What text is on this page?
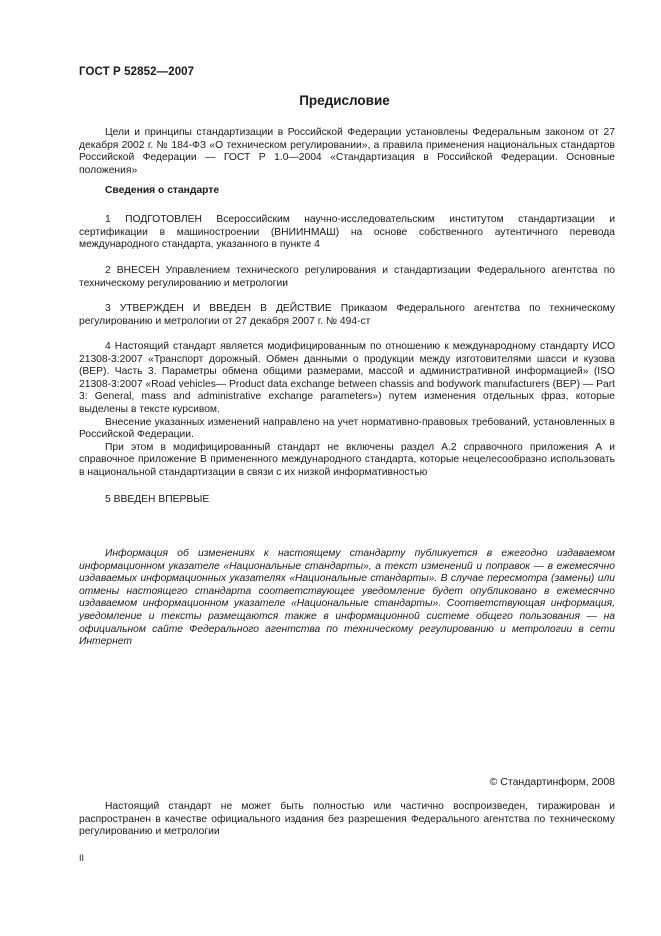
ГОСТ Р 52852—2007
Предисловие

Цели и принципы стандартизации в Российской Федерации установлены Федеральным законом от 27 декабря 2002 г. № 184-ФЗ «О техническом регулировании», а правила применения национальных стандартов Российской Федерации — ГОСТ Р 1.0—2004 «Стандартизация в Российской Федерации. Основные положения»

Сведения о стандарте

1 ПОДГОТОВЛЕН Всероссийским научно-исследовательским институтом стандартизации и сертификации в машиностроении (ВНИИНМАШ) на основе собственного аутентичного перевода международного стандарта, указанного в пункте 4

2 ВНЕСЕН Управлением технического регулирования и стандартизации Федерального агентства по техническому регулированию и метрологии

3 УТВЕРЖДЕН И ВВЕДЕН В ДЕЙСТВИЕ Приказом Федерального агентства по техническому регулированию и метрологии от 27 декабря 2007 г. № 494-ст

4 Настоящий стандарт является модифицированным по отношению к международному стандарту ИСО 21308-3:2007 «Транспорт дорожный. Обмен данными о продукции между изготовителями шасси и кузова (BEP). Часть 3. Параметры обмена общими размерами, массой и административной информацией» (ISO 21308-3:2007 «Road vehicles— Product data exchange between chassis and bodywork manufacturers (BEP) — Part 3: General, mass and administrative exchange parameters») путем изменения отдельных фраз, которые выделены в тексте курсивом.

Внесение указанных изменений направлено на учет нормативно-правовых требований, установленных в Российской Федерации.

При этом в модифицированный стандарт не включены раздел А.2 справочного приложения А и справочное приложение В примененного международного стандарта, которые нецелесообразно использовать в национальной стандартизации в связи с их низкой информативностью

5 ВВЕДЕН ВПЕРВЫЕ

Информация об изменениях к настоящему стандарту публикуется в ежегодно издаваемом информационном указателе «Национальные стандарты», а текст изменений и поправок — в ежемесячно издаваемых информационных указателях «Национальные стандарты». В случае пересмотра (замены) или отмены настоящего стандарта соответствующее уведомление будет опубликовано в ежемесячно издаваемом информационном указателе «Национальные стандарты». Соответствующая информация, уведомление и тексты размещаются также в информационной системе общего пользования — на официальном сайте Федерального агентства по техническому регулированию и метрологии в сети Интернет

© Стандартинформ, 2008

Настоящий стандарт не может быть полностью или частично воспроизведен, тиражирован и распространен в качестве официального издания без разрешения Федерального агентства по техническому регулированию и метрологии

II
